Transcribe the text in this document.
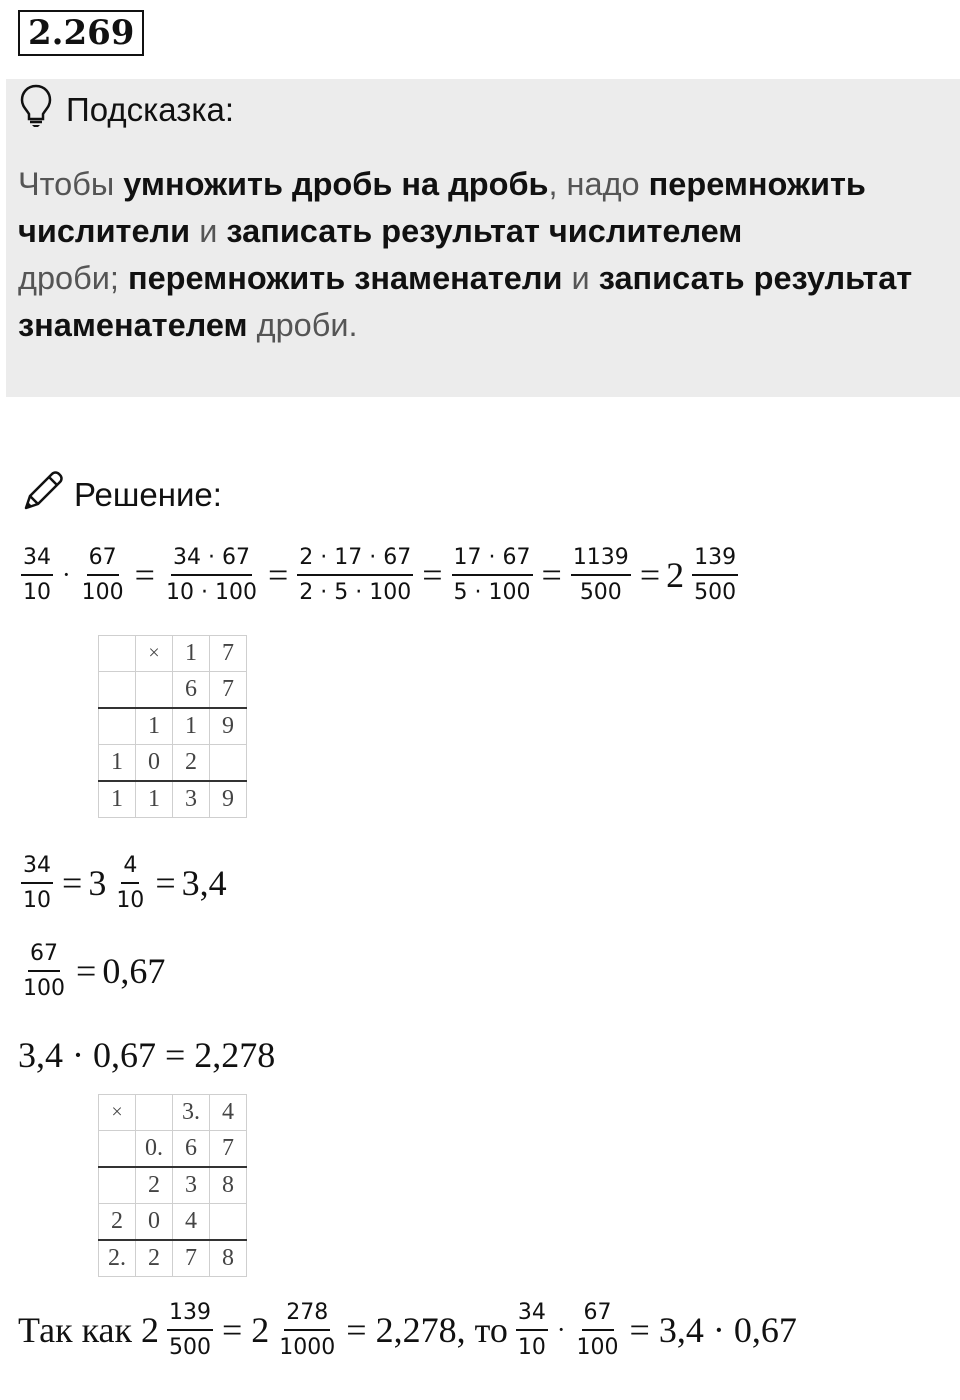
2.269
Подсказка:
Чтобы умножить дробь на дробь, надо перемножить числители и записать результат числителем
дроби; перемножить знаменатели и записать результат знаменателем дроби.
Решение:
$\frac{34}{10} \cdot \frac{67}{100} = \frac{34 \cdot 67}{10 \cdot 100} = \frac{2 \cdot 17 \cdot 67}{2 \cdot 5 \cdot 100} = \frac{17 \cdot 67}{5 \cdot 100} = \frac{1139}{500} = 2 \frac{139}{500}$
	×	1	7
		6	7
	1	1	9
1	0	2	
1	1	3	9
$\frac{34}{10} = 3 \frac{4}{10} = 3,4$
$\frac{67}{100} = 0,67$
3,4 · 0,67 = 2,278
×		3.	4
	0.	6	7
	2	3	8
2	0	4	
2.	2	7	8
Так как $2 \frac{139}{500} = 2 \frac{278}{1000} = 2,278$, то $\frac{34}{10} \cdot \frac{67}{100} = 3,4 \cdot 0,67$
